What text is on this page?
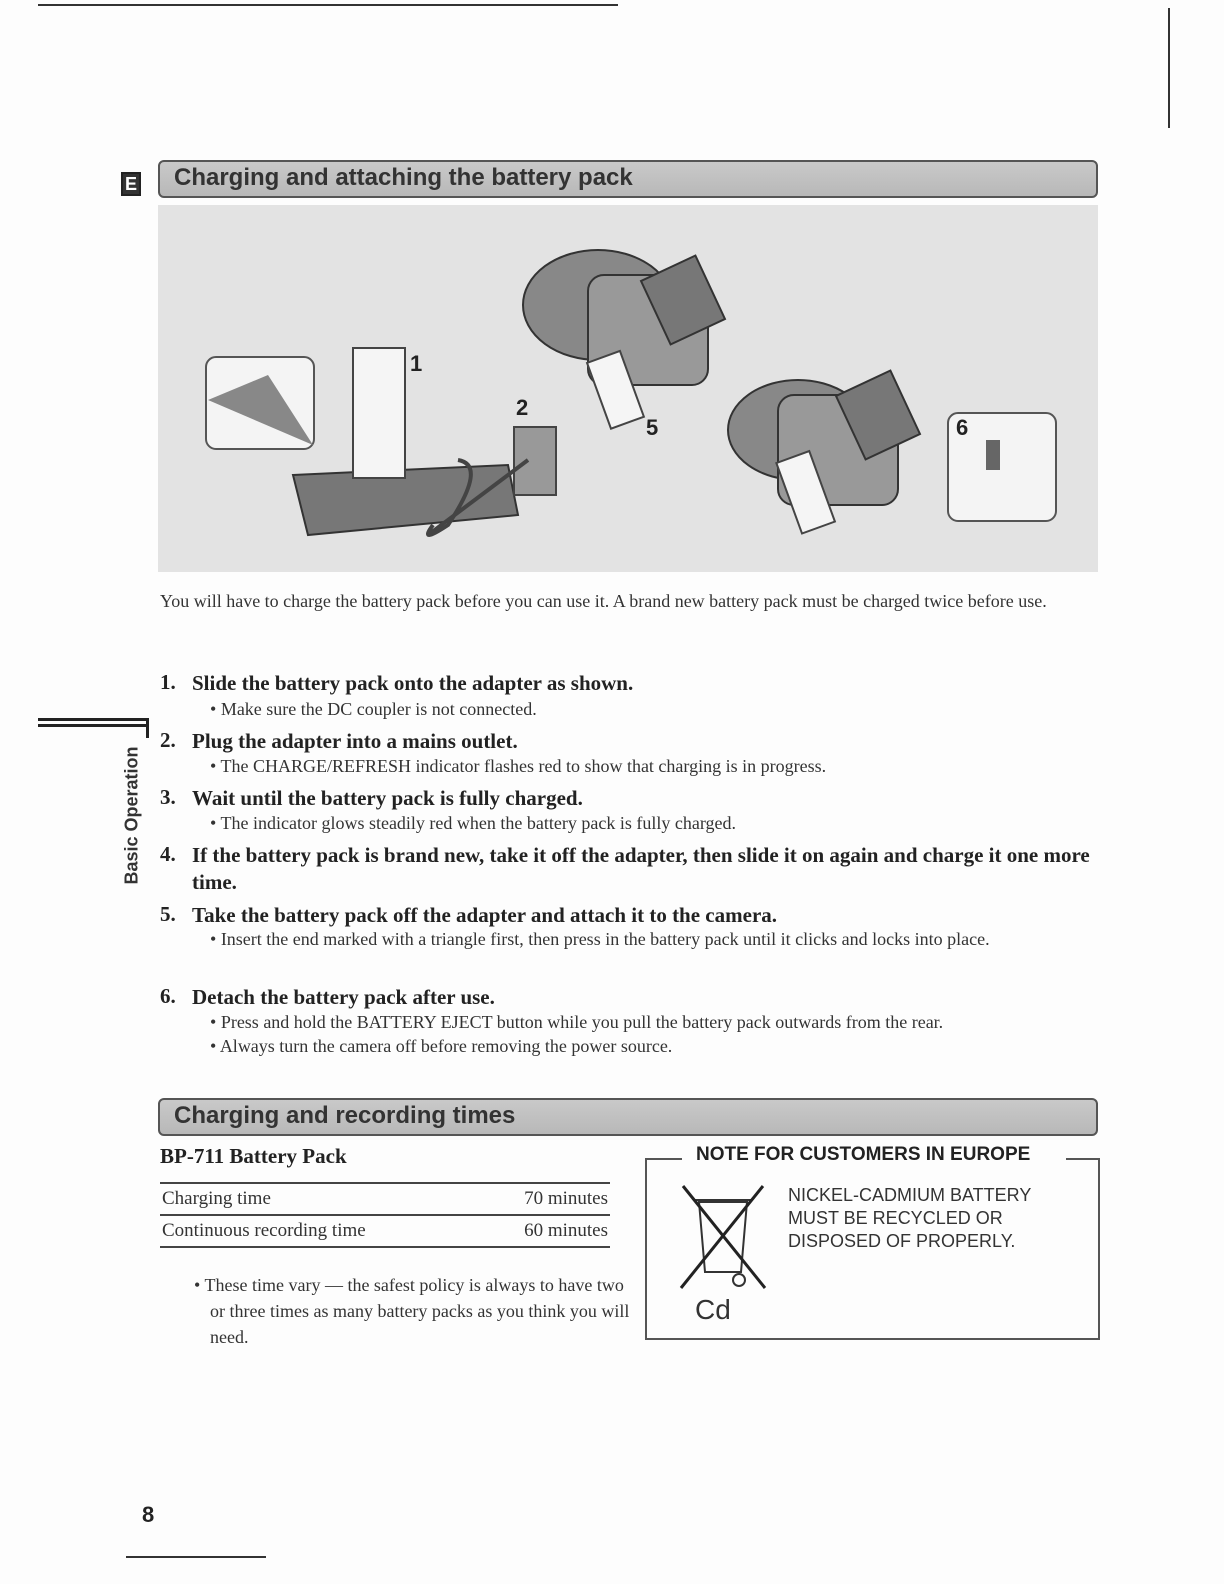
E Charging and attaching the battery pack
1
2
5	6
You will have to charge the battery pack before you can use it. A brand new battery pack must be charged twice before use.
1. Slide the battery pack onto the adapter as shown.
• Make sure the DC coupler is not connected.
2. Plug the adapter into a mains outlet.
• The CHARGE/REFRESH indicator flashes red to show that charging is in progress.
3. Wait until the battery pack is fully charged.
• The indicator glows steadily red when the battery pack is fully charged.
4. If the battery pack is brand new, take it off the adapter, then slide it on again and charge it one more time.
5. Take the battery pack off the adapter and attach it to the camera.
• Insert the end marked with a triangle first, then press in the battery pack until it clicks and locks into place.
6. Detach the battery pack after use.
• Press and hold the BATTERY EJECT button while you pull the battery pack outwards from the rear.
• Always turn the camera off before removing the power source.
Basic Operation
Charging and recording times
BP-711 Battery Pack
Charging time	70 minutes
Continuous recording time	60 minutes
• These time vary — the safest policy is always to have two or three times as many battery packs as you think you will need.
NOTE FOR CUSTOMERS IN EUROPE
Cd
NICKEL-CADMIUM BATTERY MUST BE RECYCLED OR DISPOSED OF PROPERLY.
8
